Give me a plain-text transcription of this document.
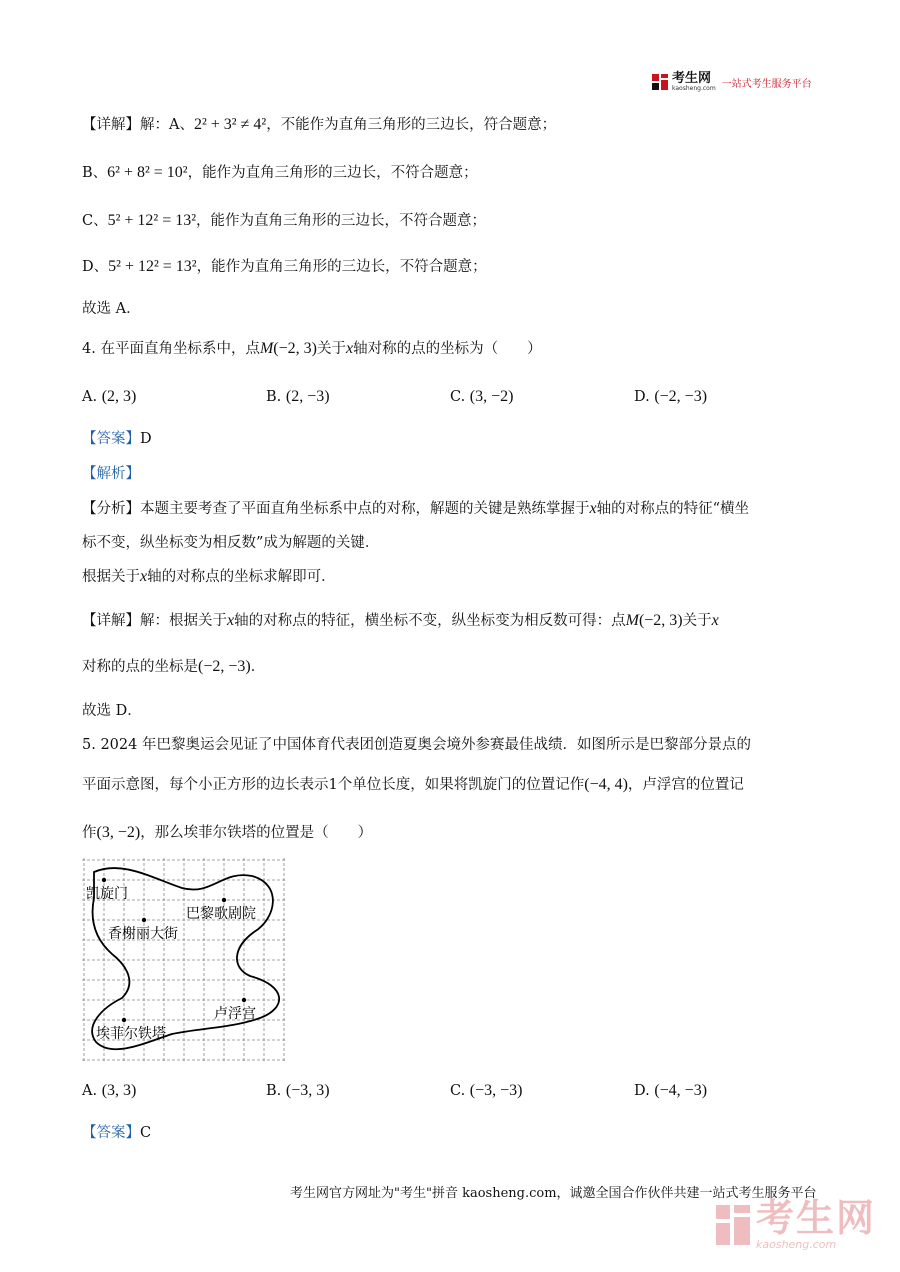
考生网
kaosheng.com 一站式考生服务平台
【详解】解：A、2² + 3² ≠ 4²，不能作为直角三角形的三边长，符合题意；
B、6² + 8² = 10²，能作为直角三角形的三边长，不符合题意；
C、5² + 12² = 13²，能作为直角三角形的三边长，不符合题意；
D、5² + 12² = 13²，能作为直角三角形的三边长，不符合题意；
故选 A．
4. 在平面直角坐标系中，点M(−2, 3)关于x轴对称的点的坐标为（　　）
A. (2, 3)	B. (2, −3)	C. (3, −2)	D. (−2, −3)
【答案】D
【解析】
【分析】本题主要考查了平面直角坐标系中点的对称，解题的关键是熟练掌握于x轴的对称点的特征“横坐
标不变，纵坐标变为相反数”成为解题的关键．
根据关于x轴的对称点的坐标求解即可．
【详解】解：根据关于x轴的对称点的特征，横坐标不变，纵坐标变为相反数可得：点M(−2, 3)关于x
对称的点的坐标是(−2, −3)．
故选 D．
5. 2024 年巴黎奥运会见证了中国体育代表团创造夏奥会境外参赛最佳战绩．如图所示是巴黎部分景点的
平面示意图，每个小正方形的边长表示1个单位长度，如果将凯旋门的位置记作(−4, 4)，卢浮宫的位置记
作(3, −2)，那么埃菲尔铁塔的位置是（　　）
凯旋门
巴黎歌剧院
香榭丽大街
卢浮宫
埃菲尔铁塔
A. (3, 3)	B. (−3, 3)	C. (−3, −3)	D. (−4, −3)
【答案】C
考生网官方网址为"考生"拼音 kaosheng.com，诚邀全国合作伙伴共建一站式考生服务平台
考生网
kaosheng.com
